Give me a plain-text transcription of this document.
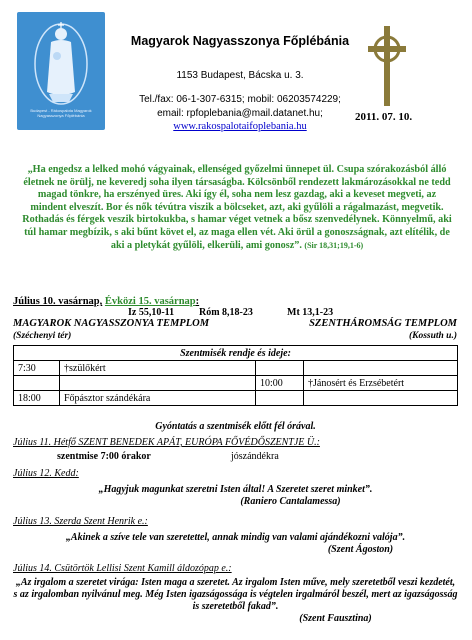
Budapest - Rákospalota Magyarok Nagyasszonya Főplébánia
Magyarok Nagyasszonya Főplébánia
1153 Budapest, Bácska u. 3.
Tel./fax: 06-1-307-6315; mobil: 06203574229;
email: rpfoplebania@mail.datanet.hu;
www.rakospalotaifoplebania.hu
2011. 07. 10.
„Ha engedsz a lelked mohó vágyainak, ellenséged győzelmi ünnepet ül. Csupa szórakozásból álló életnek ne örülj, ne keveredj soha ilyen társaságba. Kölcsönből rendezett lakmározásokkal ne tedd magad tönkre, ha erszényed üres. Aki így él, soha nem lesz gazdag, aki a keveset megveti, az mindent elveszít. Bor és nők tévútra viszik a bölcseket, azt, aki gyűlöli a rágalmazást, megvetik. Rothadás és férgek veszik birtokukba, s hamar véget vetnek a bősz szenvedélynek. Könnyelmű, aki túl hamar megbízik, s aki bűnt követ el, az maga ellen vét. Aki örül a gonoszságnak, azt elítélik, de aki a pletykát gyűlöli, elkerüli, ami gonosz”. (Sir 18,31;19,1-6)
Július 10. vasárnap, Évközi 15. vasárnap:
Iz 55,10-11 Róm 8,18-23	Mt 13,1-23
MAGYAROK NAGYASSZONYA TEMPLOM	SZENTHÁROMSÁG TEMPLOM
(Széchenyi tér)	(Kossuth u.)
Szentmisék rendje és ideje:			
7:30	†szülőkért		
		10:00	†Jánosért és Erzsébetért
18:00	Főpásztor szándékára		
Gyóntatás a szentmisék előtt fél órával.
Július 11. Hétfő SZENT BENEDEK APÁT, EURÓPA FŐVÉDŐSZENTJE Ü.:
szentmise 7:00 órakor	jószándékra
Július 12. Kedd:
„Hagyjuk magunkat szeretni Isten által! A Szeretet szeret minket”.
(Raniero Cantalamessa)
Július 13. Szerda Szent Henrik e.:
„Akinek a szíve tele van szeretettel, annak mindig van valami ajándékozni valója”.
(Szent Ágoston)
Július 14. Csütörtök Lellisi Szent Kamill áldozópap e.:
„Az irgalom a szeretet virága: Isten maga a szeretet. Az irgalom Isten műve, mely szeretetből veszi kezdetét, s az irgalomban nyilvánul meg. Még Isten igazságossága is végtelen irgalmáról beszél, mert az igazságosság is szeretetből fakad”.
(Szent Fausztina)
